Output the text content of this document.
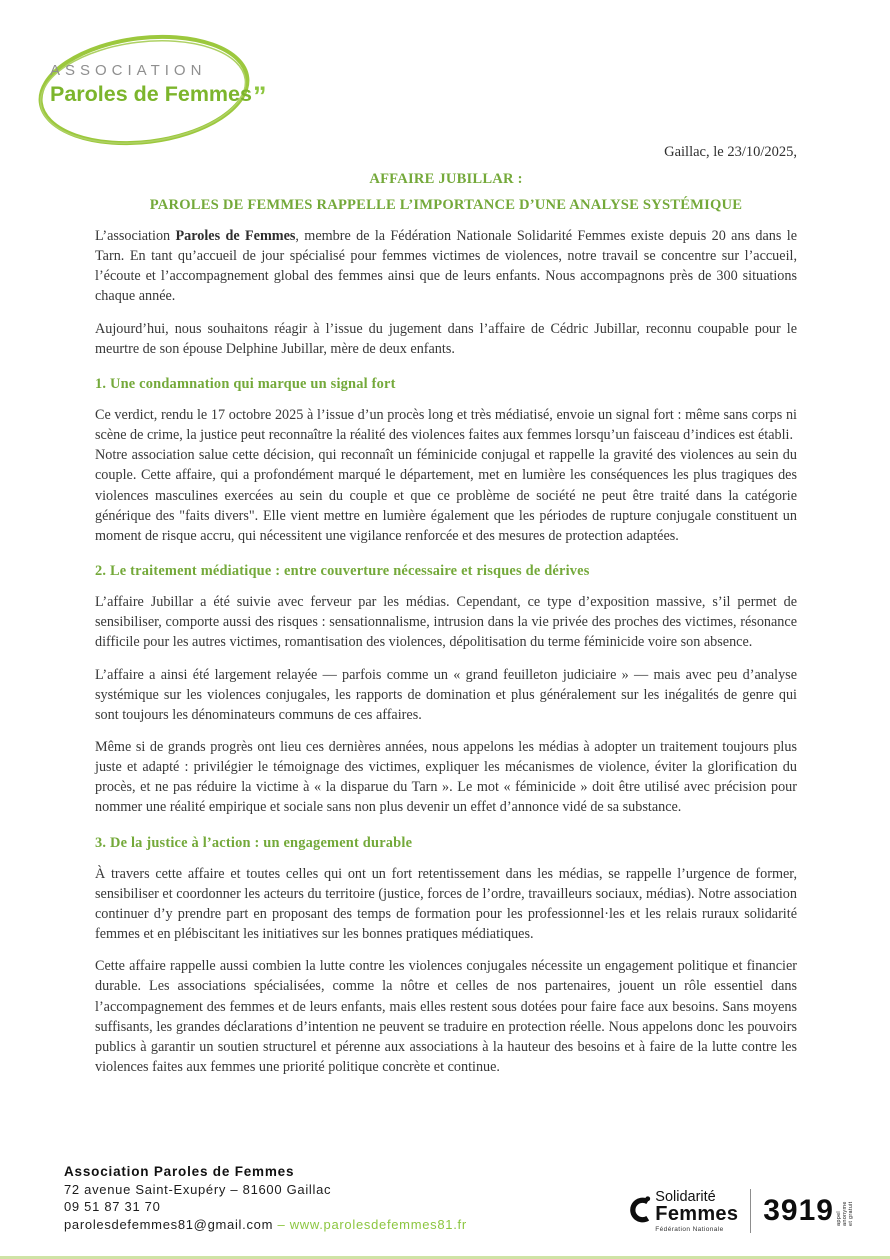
ASSOCIATION
Paroles de Femmes”
Gaillac, le 23/10/2025,
AFFAIRE JUBILLAR :
PAROLES DE FEMMES RAPPELLE L’IMPORTANCE D’UNE ANALYSE SYSTÉMIQUE

L’association Paroles de Femmes, membre de la Fédération Nationale Solidarité Femmes existe depuis 20 ans dans le Tarn. En tant qu’accueil de jour spécialisé pour femmes victimes de violences, notre travail se concentre sur l’accueil, l’écoute et l’accompagnement global des femmes ainsi que de leurs enfants. Nous accompagnons près de 300 situations chaque année.

Aujourd’hui, nous souhaitons réagir à l’issue du jugement dans l’affaire de Cédric Jubillar, reconnu coupable pour le meurtre de son épouse Delphine Jubillar, mère de deux enfants.

1. Une condamnation qui marque un signal fort

Ce verdict, rendu le 17 octobre 2025 à l’issue d’un procès long et très médiatisé, envoie un signal fort : même sans corps ni scène de crime, la justice peut reconnaître la réalité des violences faites aux femmes lorsqu’un faisceau d’indices est établi.

Notre association salue cette décision, qui reconnaît un féminicide conjugal et rappelle la gravité des violences au sein du couple. Cette affaire, qui a profondément marqué le département, met en lumière les conséquences les plus tragiques des violences masculines exercées au sein du couple et que ce problème de société ne peut être traité dans la catégorie générique des "faits divers". Elle vient mettre en lumière également que les périodes de rupture conjugale constituent un moment de risque accru, qui nécessitent une vigilance renforcée et des mesures de protection adaptées.

2. Le traitement médiatique : entre couverture nécessaire et risques de dérives

L’affaire Jubillar a été suivie avec ferveur par les médias. Cependant, ce type d’exposition massive, s’il permet de sensibiliser, comporte aussi des risques : sensationnalisme, intrusion dans la vie privée des proches des victimes, résonance difficile pour les autres victimes, romantisation des violences, dépolitisation du terme féminicide voire son absence.

L’affaire a ainsi été largement relayée — parfois comme un « grand feuilleton judiciaire » — mais avec peu d’analyse systémique sur les violences conjugales, les rapports de domination et plus généralement sur les inégalités de genre qui sont toujours les dénominateurs communs de ces affaires.

Même si de grands progrès ont lieu ces dernières années, nous appelons les médias à adopter un traitement toujours plus juste et adapté : privilégier le témoignage des victimes, expliquer les mécanismes de violence, éviter la glorification du procès, et ne pas réduire la victime à « la disparue du Tarn ». Le mot « féminicide » doit être utilisé avec précision pour nommer une réalité empirique et sociale sans non plus devenir un effet d’annonce vidé de sa substance.

3. De la justice à l’action : un engagement durable

À travers cette affaire et toutes celles qui ont un fort retentissement dans les médias, se rappelle l’urgence de former, sensibiliser et coordonner les acteurs du territoire (justice, forces de l’ordre, travailleurs sociaux, médias). Notre association continuer d’y prendre part en proposant des temps de formation pour les professionnel·les et les relais ruraux solidarité femmes et en plébiscitant les initiatives sur les bonnes pratiques médiatiques.

Cette affaire rappelle aussi combien la lutte contre les violences conjugales nécessite un engagement politique et financier durable. Les associations spécialisées, comme la nôtre et celles de nos partenaires, jouent un rôle essentiel dans l’accompagnement des femmes et de leurs enfants, mais elles restent sous dotées pour faire face aux besoins. Sans moyens suffisants, les grandes déclarations d’intention ne peuvent se traduire en protection réelle. Nous appelons donc les pouvoirs publics à garantir un soutien structurel et pérenne aux associations à la hauteur des besoins et à faire de la lutte contre les violences faites aux femmes une priorité politique concrète et continue.

Association Paroles de Femmes
72 avenue Saint-Exupéry – 81600 Gaillac
09 51 87 31 70
parolesdefemmes81@gmail.com – www.parolesdefemmes81.fr
Solidarité
Femmes
Fédération Nationale
3919 appel anonyme et gratuit
